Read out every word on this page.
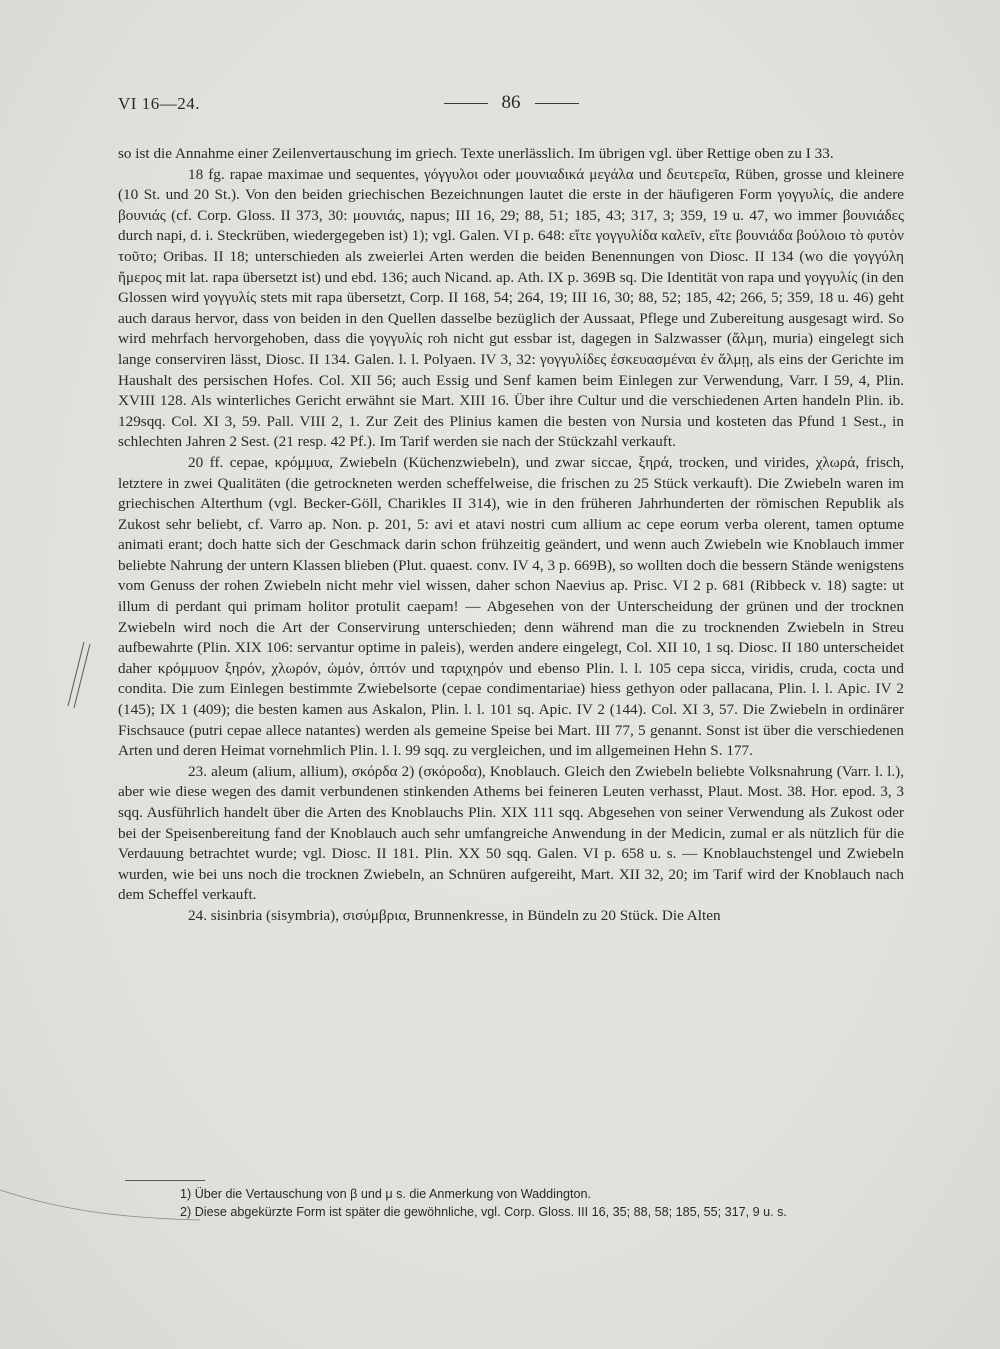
VI 16—24.	86

so ist die Annahme einer Zeilenvertauschung im griech. Texte unerlässlich. Im übrigen vgl. über Rettige oben zu I 33.

18 fg. rapae maximae und sequentes, γόγγυλοι oder μουνιαδικά μεγάλα und δευτερεῖα, Rüben, grosse und kleinere (10 St. und 20 St.). Von den beiden griechischen Bezeichnungen lautet die erste in der häufigeren Form γογγυλίς, die andere βουνιάς (cf. Corp. Gloss. II 373, 30: μουνιάς, napus; III 16, 29; 88, 51; 185, 43; 317, 3; 359, 19 u. 47, wo immer βουνιάδες durch napi, d. i. Steckrüben, wiedergegeben ist) 1); vgl. Galen. VI p. 648: εἴτε γογγυλίδα καλεῖν, εἴτε βουνιάδα βούλοιο τὸ φυτὸν τοῦτο; Oribas. II 18; unterschieden als zweierlei Arten werden die beiden Benennungen von Diosc. II 134 (wo die γογγύλη ἥμερος mit lat. rapa übersetzt ist) und ebd. 136; auch Nicand. ap. Ath. IX p. 369B sq. Die Identität von rapa und γογγυλίς (in den Glossen wird γογγυλίς stets mit rapa übersetzt, Corp. II 168, 54; 264, 19; III 16, 30; 88, 52; 185, 42; 266, 5; 359, 18 u. 46) geht auch daraus hervor, dass von beiden in den Quellen dasselbe bezüglich der Aussaat, Pflege und Zubereitung ausgesagt wird. So wird mehrfach hervorgehoben, dass die γογγυλίς roh nicht gut essbar ist, dagegen in Salzwasser (ἅλμη, muria) eingelegt sich lange conserviren lässt, Diosc. II 134. Galen. l. l. Polyaen. IV 3, 32: γογγυλίδες ἐσκευασμέναι ἐν ἅλμῃ, als eins der Gerichte im Haushalt des persischen Hofes. Col. XII 56; auch Essig und Senf kamen beim Einlegen zur Verwendung, Varr. I 59, 4, Plin. XVIII 128. Als winterliches Gericht erwähnt sie Mart. XIII 16. Über ihre Cultur und die verschiedenen Arten handeln Plin. ib. 129sqq. Col. XI 3, 59. Pall. VIII 2, 1. Zur Zeit des Plinius kamen die besten von Nursia und kosteten das Pfund 1 Sest., in schlechten Jahren 2 Sest. (21 resp. 42 Pf.). Im Tarif werden sie nach der Stückzahl verkauft.

20 ff. cepae, κρόμμυα, Zwiebeln (Küchenzwiebeln), und zwar siccae, ξηρά, trocken, und virides, χλωρά, frisch, letztere in zwei Qualitäten (die getrockneten werden scheffelweise, die frischen zu 25 Stück verkauft). Die Zwiebeln waren im griechischen Alterthum (vgl. Becker-Göll, Charikles II 314), wie in den früheren Jahrhunderten der römischen Republik als Zukost sehr beliebt, cf. Varro ap. Non. p. 201, 5: avi et atavi nostri cum allium ac cepe eorum verba olerent, tamen optume animati erant; doch hatte sich der Geschmack darin schon frühzeitig geändert, und wenn auch Zwiebeln wie Knoblauch immer beliebte Nahrung der untern Klassen blieben (Plut. quaest. conv. IV 4, 3 p. 669B), so wollten doch die bessern Stände wenigstens vom Genuss der rohen Zwiebeln nicht mehr viel wissen, daher schon Naevius ap. Prisc. VI 2 p. 681 (Ribbeck v. 18) sagte: ut illum di perdant qui primam holitor protulit caepam! — Abgesehen von der Unterscheidung der grünen und der trocknen Zwiebeln wird noch die Art der Conservirung unterschieden; denn während man die zu trocknenden Zwiebeln in Streu aufbewahrte (Plin. XIX 106: servantur optime in paleis), werden andere eingelegt, Col. XII 10, 1 sq. Diosc. II 180 unterscheidet daher κρόμμυον ξηρόν, χλωρόν, ὠμόν, ὀπτόν und ταριχηρόν und ebenso Plin. l. l. 105 cepa sicca, viridis, cruda, cocta und condita. Die zum Einlegen bestimmte Zwiebelsorte (cepae condimentariae) hiess gethyon oder pallacana, Plin. l. l. Apic. IV 2 (145); IX 1 (409); die besten kamen aus Askalon, Plin. l. l. 101 sq. Apic. IV 2 (144). Col. XI 3, 57. Die Zwiebeln in ordinärer Fischsauce (putri cepae allece natantes) werden als gemeine Speise bei Mart. III 77, 5 genannt. Sonst ist über die verschiedenen Arten und deren Heimat vornehmlich Plin. l. l. 99 sqq. zu vergleichen, und im allgemeinen Hehn S. 177.

23. aleum (alium, allium), σκόρδα 2) (σκόροδα), Knoblauch. Gleich den Zwiebeln beliebte Volksnahrung (Varr. l. l.), aber wie diese wegen des damit verbundenen stinkenden Athems bei feineren Leuten verhasst, Plaut. Most. 38. Hor. epod. 3, 3 sqq. Ausführlich handelt über die Arten des Knoblauchs Plin. XIX 111 sqq. Abgesehen von seiner Verwendung als Zukost oder bei der Speisenbereitung fand der Knoblauch auch sehr umfangreiche Anwendung in der Medicin, zumal er als nützlich für die Verdauung betrachtet wurde; vgl. Diosc. II 181. Plin. XX 50 sqq. Galen. VI p. 658 u. s. — Knoblauchstengel und Zwiebeln wurden, wie bei uns noch die trocknen Zwiebeln, an Schnüren aufgereiht, Mart. XII 32, 20; im Tarif wird der Knoblauch nach dem Scheffel verkauft.

24. sisinbria (sisymbria), σισύμβρια, Brunnenkresse, in Bündeln zu 20 Stück. Die Alten

1) Über die Vertauschung von β und μ s. die Anmerkung von Waddington.

2) Diese abgekürzte Form ist später die gewöhnliche, vgl. Corp. Gloss. III 16, 35; 88, 58; 185, 55; 317, 9 u. s.
